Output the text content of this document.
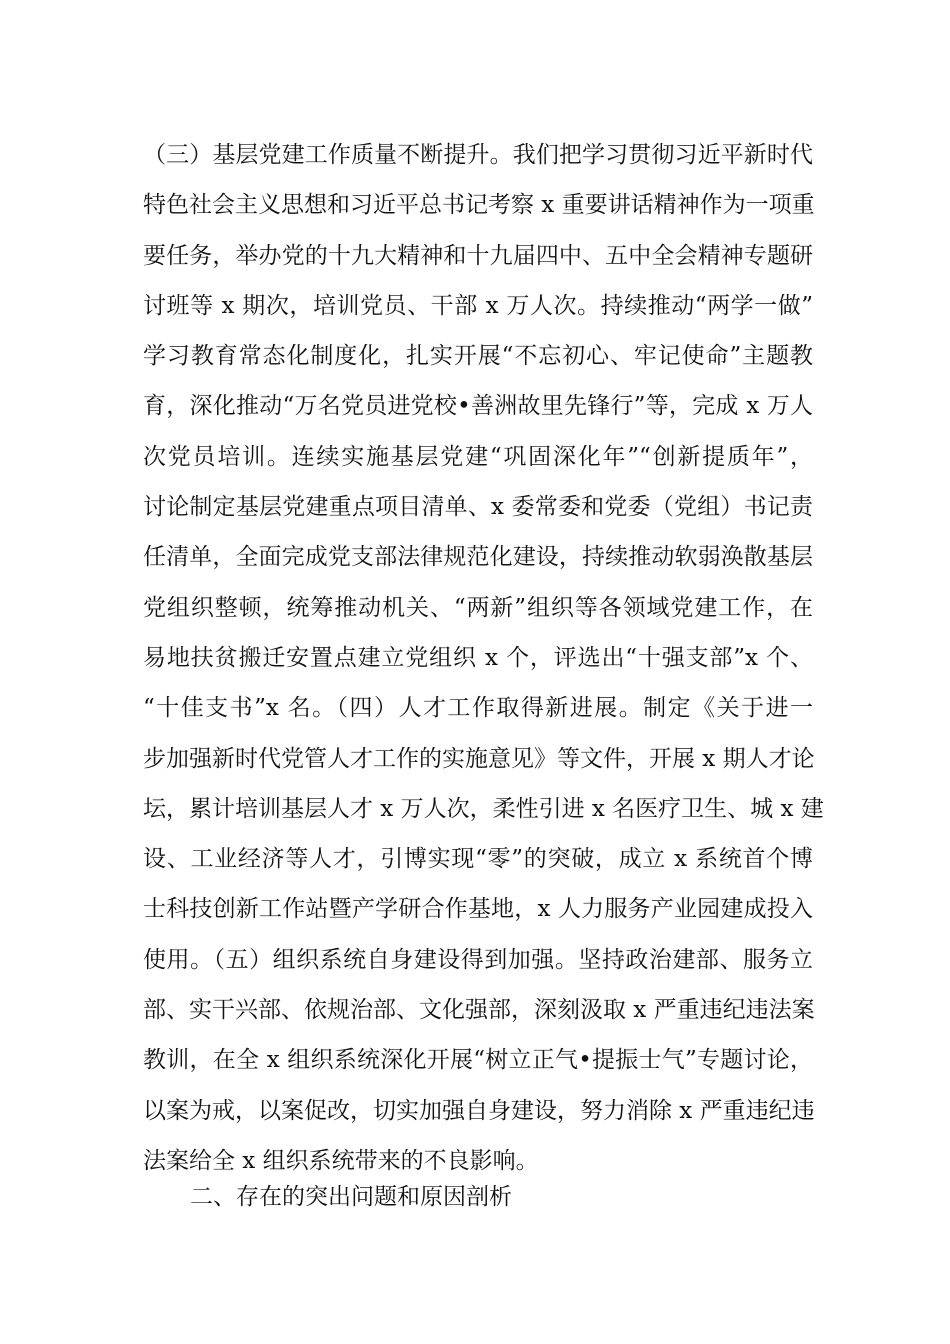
（三）基层党建工作质量不断提升。我们把学习贯彻习近平新时代
特色社会主义思想和习近平总书记考察 x 重要讲话精神作为一项重
要任务，举办党的十九大精神和十九届四中、五中全会精神专题研
讨班等 x 期次，培训党员、干部 x 万人次。持续推动“两学一做”
学习教育常态化制度化，扎实开展“不忘初心、牢记使命”主题教
育，深化推动“万名党员进党校•善洲故里先锋行”等，完成 x 万人
次党员培训。连续实施基层党建“巩固深化年”“创新提质年”，
讨论制定基层党建重点项目清单、x 委常委和党委（党组）书记责
任清单，全面完成党支部法律规范化建设，持续推动软弱涣散基层
党组织整顿，统筹推动机关、“两新”组织等各领域党建工作，在
易地扶贫搬迁安置点建立党组织 x 个，评选出“十强支部”x 个、
“十佳支书”x 名。（四）人才工作取得新进展。制定《关于进一
步加强新时代党管人才工作的实施意见》等文件，开展 x 期人才论
坛，累计培训基层人才 x 万人次，柔性引进 x 名医疗卫生、城 x 建
设、工业经济等人才，引博实现“零”的突破，成立 x 系统首个博
士科技创新工作站暨产学研合作基地，x 人力服务产业园建成投入
使用。（五）组织系统自身建设得到加强。坚持政治建部、服务立
部、实干兴部、依规治部、文化强部，深刻汲取 x 严重违纪违法案
教训，在全 x 组织系统深化开展“树立正气•提振士气”专题讨论，
以案为戒，以案促改，切实加强自身建设，努力消除 x 严重违纪违
法案给全 x 组织系统带来的不良影响。
二、存在的突出问题和原因剖析
